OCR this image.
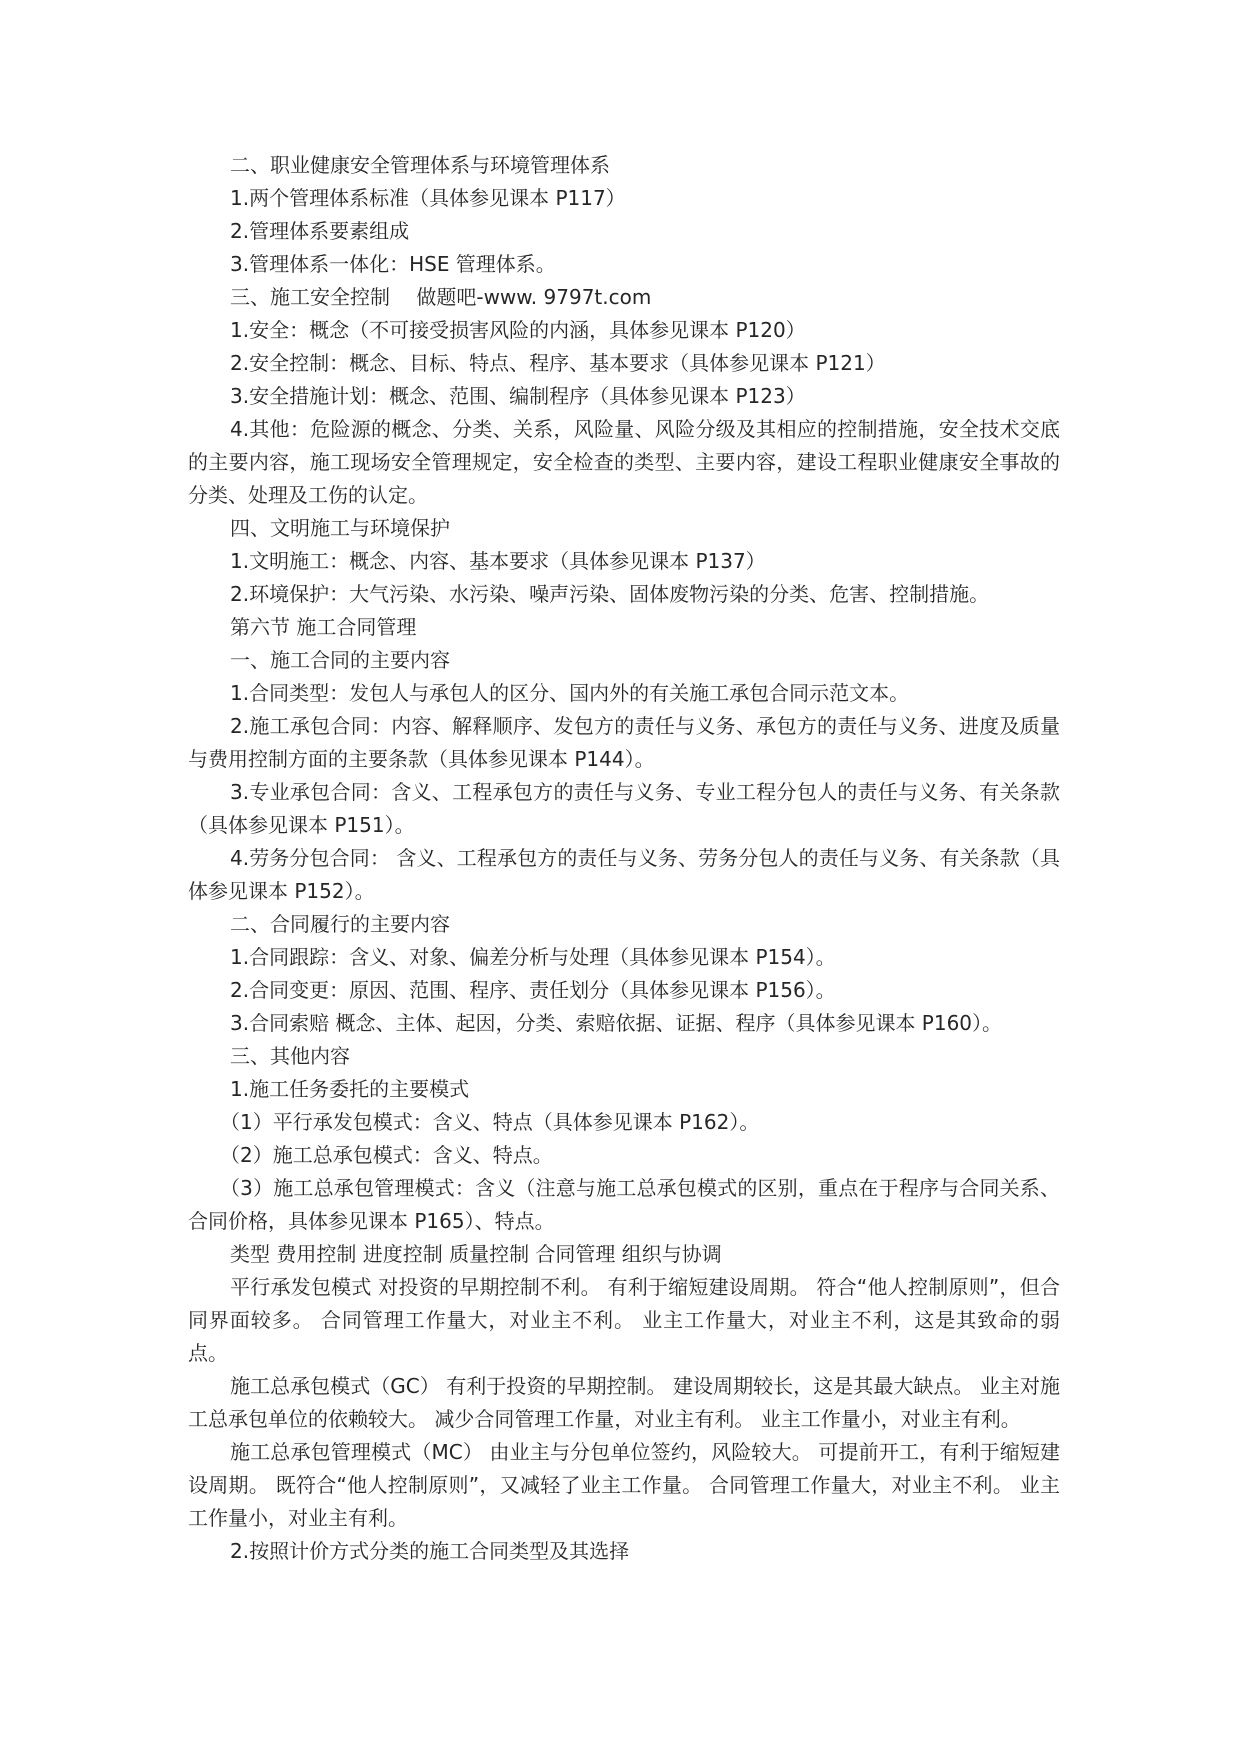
二、职业健康安全管理体系与环境管理体系

1.两个管理体系标准（具体参见课本 P117）

2.管理体系要素组成

3.管理体系一体化：HSE 管理体系。

三、施工安全控制　 做题吧-www. 9797t.com

1.安全：概念（不可接受损害风险的内涵，具体参见课本 P120）

2.安全控制：概念、目标、特点、程序、基本要求（具体参见课本 P121）

3.安全措施计划：概念、范围、编制程序（具体参见课本 P123）

4.其他：危险源的概念、分类、关系，风险量、风险分级及其相应的控制措施，安全技术交底的主要内容，施工现场安全管理规定，安全检查的类型、主要内容，建设工程职业健康安全事故的分类、处理及工伤的认定。

四、文明施工与环境保护

1.文明施工：概念、内容、基本要求（具体参见课本 P137）

2.环境保护：大气污染、水污染、噪声污染、固体废物污染的分类、危害、控制措施。

第六节 施工合同管理

一、施工合同的主要内容

1.合同类型：发包人与承包人的区分、国内外的有关施工承包合同示范文本。

2.施工承包合同：内容、解释顺序、发包方的责任与义务、承包方的责任与义务、进度及质量与费用控制方面的主要条款（具体参见课本 P144）。

3.专业承包合同：含义、工程承包方的责任与义务、专业工程分包人的责任与义务、有关条款（具体参见课本 P151）。

4.劳务分包合同： 含义、工程承包方的责任与义务、劳务分包人的责任与义务、有关条款（具体参见课本 P152）。

二、合同履行的主要内容

1.合同跟踪：含义、对象、偏差分析与处理（具体参见课本 P154）。

2.合同变更：原因、范围、程序、责任划分（具体参见课本 P156）。

3.合同索赔 概念、主体、起因，分类、索赔依据、证据、程序（具体参见课本 P160）。

三、其他内容

1.施工任务委托的主要模式

（1）平行承发包模式：含义、特点（具体参见课本 P162）。

（2）施工总承包模式：含义、特点。

（3）施工总承包管理模式：含义（注意与施工总承包模式的区别，重点在于程序与合同关系、合同价格，具体参见课本 P165）、特点。

类型 费用控制 进度控制 质量控制 合同管理 组织与协调

平行承发包模式 对投资的早期控制不利。 有利于缩短建设周期。 符合“他人控制原则”，但合同界面较多。 合同管理工作量大，对业主不利。 业主工作量大，对业主不利，这是其致命的弱点。

施工总承包模式（GC） 有利于投资的早期控制。 建设周期较长，这是其最大缺点。 业主对施工总承包单位的依赖较大。 减少合同管理工作量，对业主有利。 业主工作量小，对业主有利。

施工总承包管理模式（MC） 由业主与分包单位签约，风险较大。 可提前开工，有利于缩短建设周期。 既符合“他人控制原则”，又减轻了业主工作量。 合同管理工作量大，对业主不利。 业主工作量小，对业主有利。

2.按照计价方式分类的施工合同类型及其选择
